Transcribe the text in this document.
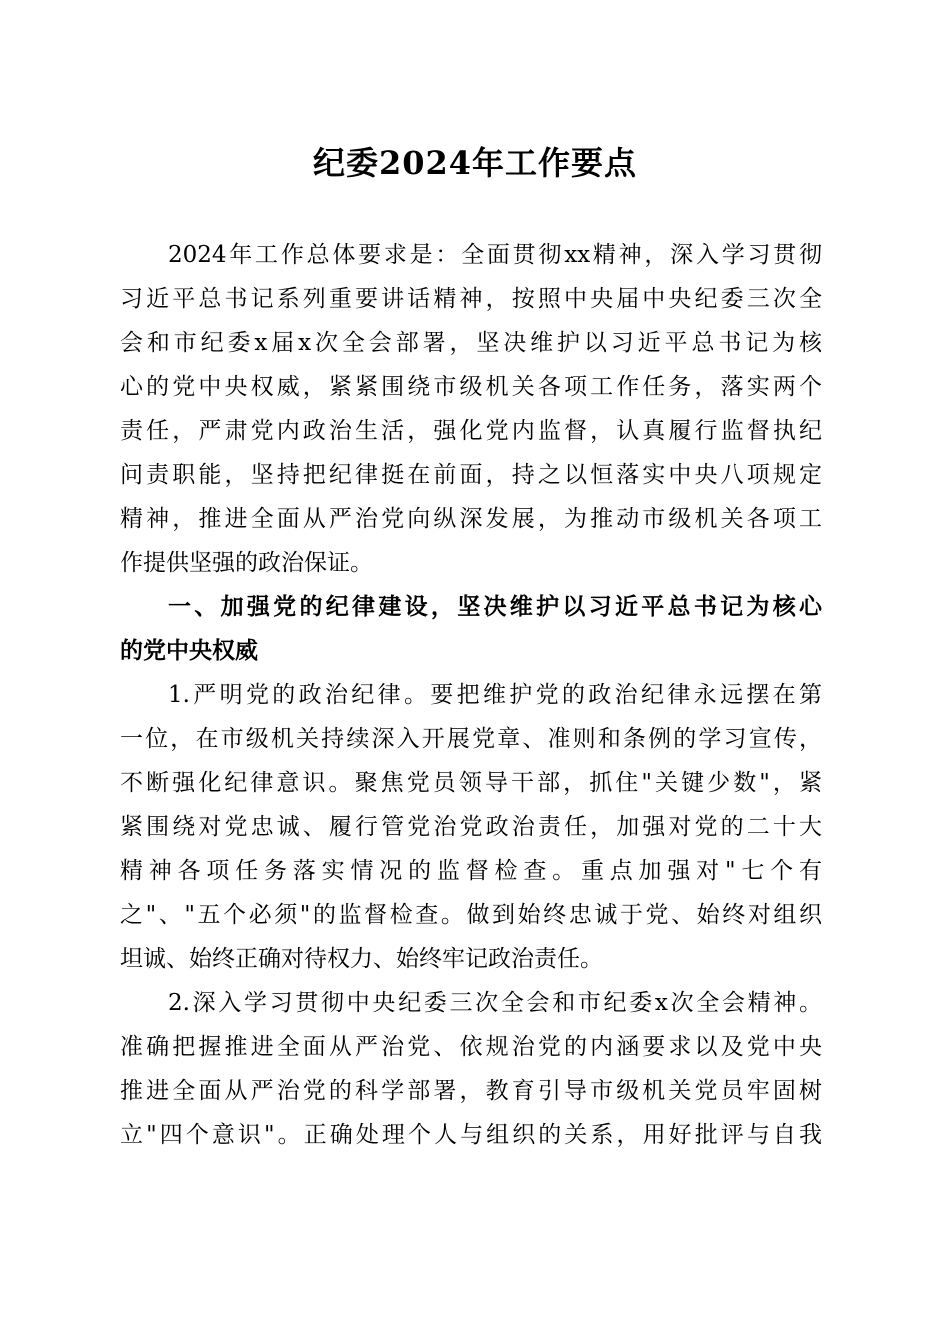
纪委2024年工作要点
2024年工作总体要求是：全面贯彻xx精神，深入学习贯彻
习近平总书记系列重要讲话精神，按照中央届中央纪委三次全
会和市纪委x届x次全会部署，坚决维护以习近平总书记为核
心的党中央权威，紧紧围绕市级机关各项工作任务，落实两个
责任，严肃党内政治生活，强化党内监督，认真履行监督执纪
问责职能，坚持把纪律挺在前面，持之以恒落实中央八项规定
精神，推进全面从严治党向纵深发展，为推动市级机关各项工
作提供坚强的政治保证。
一、加强党的纪律建设，坚决维护以习近平总书记为核心
的党中央权威
1.严明党的政治纪律。要把维护党的政治纪律永远摆在第
一位，在市级机关持续深入开展党章、准则和条例的学习宣传，
不断强化纪律意识。聚焦党员领导干部，抓住"关键少数"，紧
紧围绕对党忠诚、履行管党治党政治责任，加强对党的二十大
精神各项任务落实情况的监督检查。重点加强对"七个有
之"、"五个必须"的监督检查。做到始终忠诚于党、始终对组织
坦诚、始终正确对待权力、始终牢记政治责任。
2.深入学习贯彻中央纪委三次全会和市纪委x次全会精神。
准确把握推进全面从严治党、依规治党的内涵要求以及党中央
推进全面从严治党的科学部署，教育引导市级机关党员牢固树
立"四个意识"。正确处理个人与组织的关系，用好批评与自我
